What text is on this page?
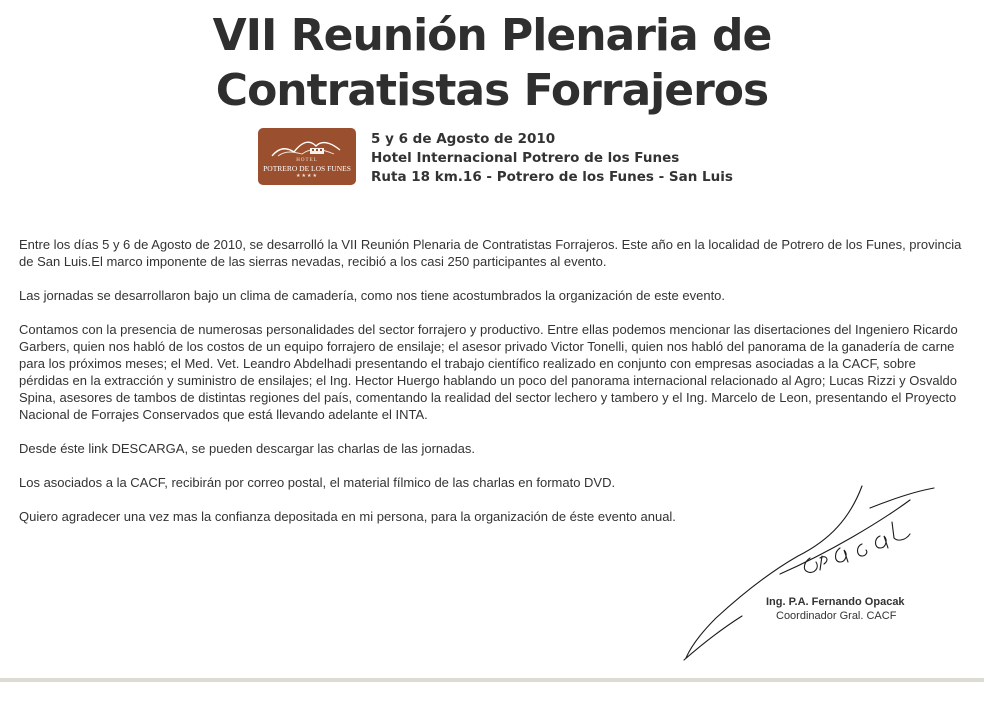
VII Reunión Plenaria de
Contratistas Forrajeros
HOTEL
POTRERO DE LOS FUNES
★★★★
5 y 6 de Agosto de 2010
Hotel Internacional Potrero de los Funes
Ruta 18 km.16 - Potrero de los Funes - San Luis

Entre los días 5 y 6 de Agosto de 2010, se desarrolló la VII Reunión Plenaria de Contratistas Forrajeros. Este año en la localidad de Potrero de los Funes, provincia de San Luis.El marco imponente de las sierras nevadas, recibió a los casi 250 participantes al evento.

Las jornadas se desarrollaron bajo un clima de camadería, como nos tiene acostumbrados la organización de este evento.

Contamos con la presencia de numerosas personalidades del sector forrajero y productivo. Entre ellas podemos mencionar las disertaciones del Ingeniero Ricardo Garbers, quien nos habló de los costos de un equipo forrajero de ensilaje; el asesor privado Victor Tonelli, quien nos habló del panorama de la ganadería de carne para los próximos meses; el Med. Vet. Leandro Abdelhadi presentando el trabajo científico realizado en conjunto con empresas asociadas a la CACF, sobre pérdidas en la extracción y suministro de ensilajes; el Ing. Hector Huergo hablando un poco del panorama internacional relacionado al Agro; Lucas Rizzi y Osvaldo Spina, asesores de tambos de distintas regiones del país, comentando la realidad del sector lechero y tambero y el Ing. Marcelo de Leon, presentando el Proyecto Nacional de Forrajes Conservados que está llevando adelante el INTA.

Desde éste link DESCARGA, se pueden descargar las charlas de las jornadas.

Los asociados a la CACF, recibirán por correo postal, el material fílmico de las charlas en formato DVD.

Quiero agradecer una vez mas la confianza depositada en mi persona, para la organización de éste evento anual.

Ing. P.A. Fernando Opacak
Coordinador Gral. CACF
